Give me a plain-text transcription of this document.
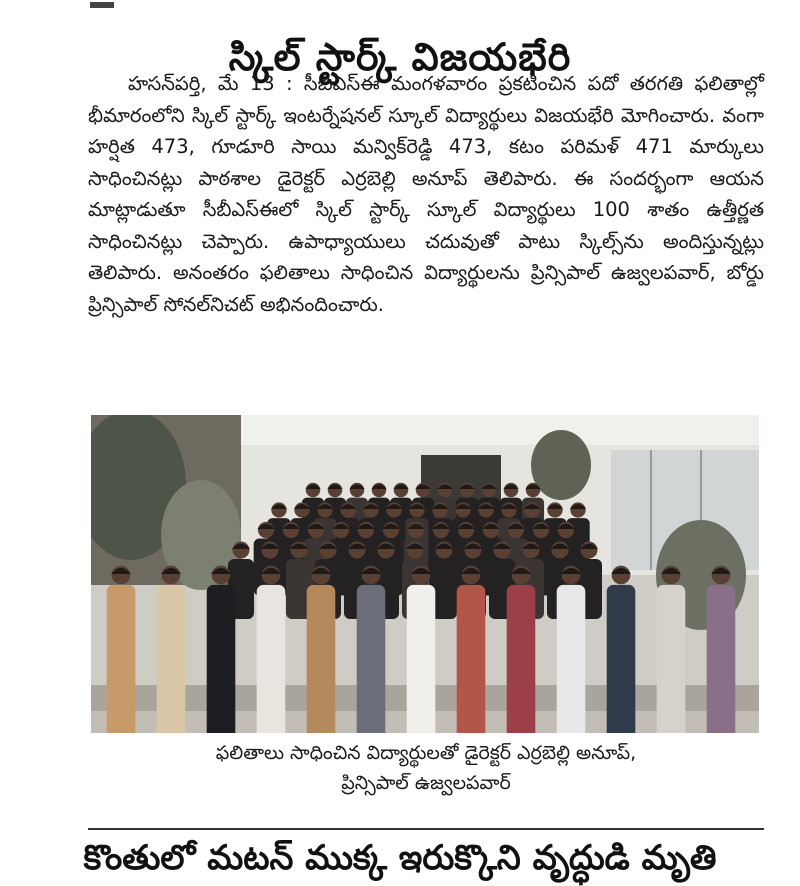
స్కిల్ స్టార్క్ విజయభేరి

హసన్‌పర్తి, మే 13 : సీబీఎస్ఈ మంగళవారం ప్రకటించిన పదో తరగతి ఫలితాల్లో భీమారంలోని స్కిల్ స్టార్క్ ఇంటర్నేషనల్ స్కూల్ విద్యార్థులు విజయభేరి మోగించారు. వంగా హర్షిత 473, గూడూరి సాయి మన్విక్‌రెడ్డి 473, కటం పరిమళ్ 471 మార్కులు సాధించినట్లు పాఠశాల డైరెక్టర్ ఎర్రబెల్లి అనూప్ తెలిపారు. ఈ సందర్భంగా ఆయన మాట్లాడుతూ సీబీఎస్ఈలో స్కిల్ స్టార్క్ స్కూల్ విద్యార్థులు 100 శాతం ఉత్తీర్ణత సాధించినట్లు చెప్పారు. ఉపాధ్యాయులు చదువుతో పాటు స్కిల్స్‌ను అందిస్తున్నట్లు తెలిపారు. అనంతరం ఫలితాలు సాధించిన విద్యార్థులను ప్రిన్సిపాల్ ఉజ్వలపవార్, బోర్డు ప్రిన్సిపాల్ సోనల్‌నిచట్ అభినందించారు.

ఫలితాలు సాధించిన విద్యార్థులతో డైరెక్టర్ ఎర్రబెల్లి అనూప్,
ప్రిన్సిపాల్ ఉజ్వలపవార్
కొంతులో మటన్ ముక్క ఇరుక్కొని వృద్ధుడి మృతి
